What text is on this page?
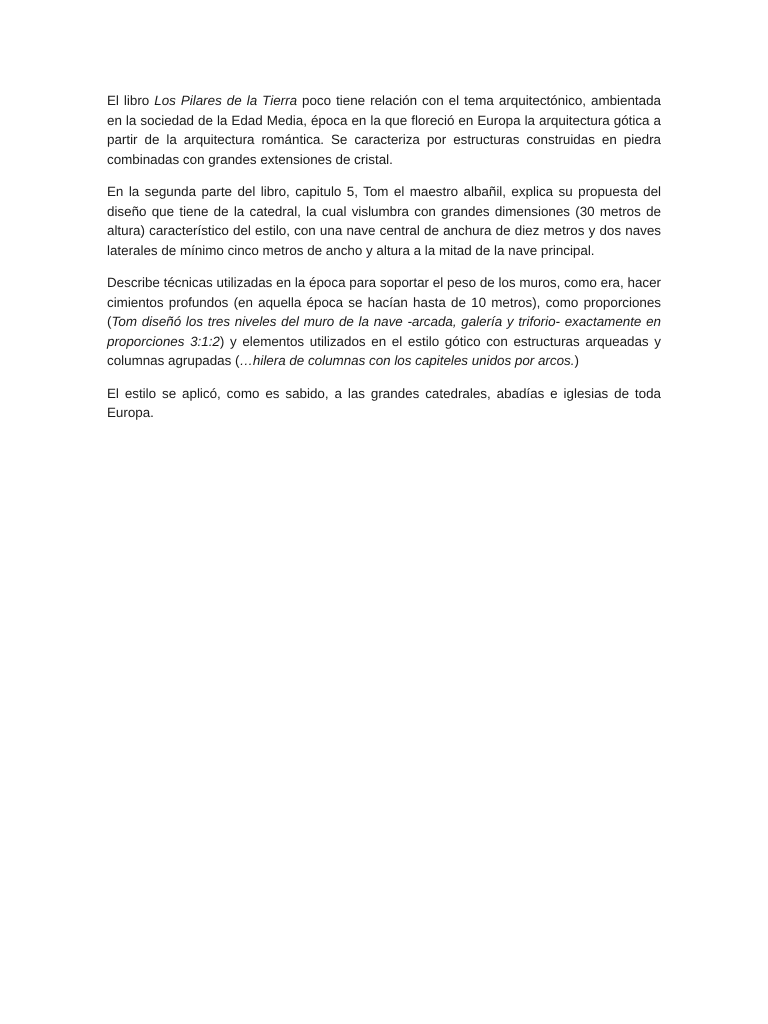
El libro Los Pilares de la Tierra poco tiene relación con el tema arquitectónico, ambientada en la sociedad de la Edad Media, época en la que floreció en Europa la arquitectura gótica a partir de la arquitectura romántіca. Se caracteriza por estructuras construidas en piedra combinadas con grandes extensiones de cristal.

En la segunda parte del libro, capitulo 5, Tom el maestro albañil, explica su propuesta del diseño que tiene de la catedral, la cual vislumbra con grandes dimensiones (30 metros de altura) característico del estilo, con una nave central de anchura de diez metros y dos naves laterales de mínimo cinco metros de ancho y altura a la mitad de la nave principal.

Describe técnicas utilizadas en la época para soportar el peso de los muros, como era, hacer cimientos profundos (en aquella época se hacían hasta de 10 metros), como proporciones (Tom diseñó los tres niveles del muro de la nave -arcada, galería y triforio- exactamente en proporciones 3:1:2) y elementos utilizados en el estilo gótico con estructuras arqueadas y columnas agrupadas (…hilera de columnas con los capiteles unidos por arcos.)

El estilo se aplicó, como es sabido, a las grandes catedrales, abadías e iglesias de toda Europa.
